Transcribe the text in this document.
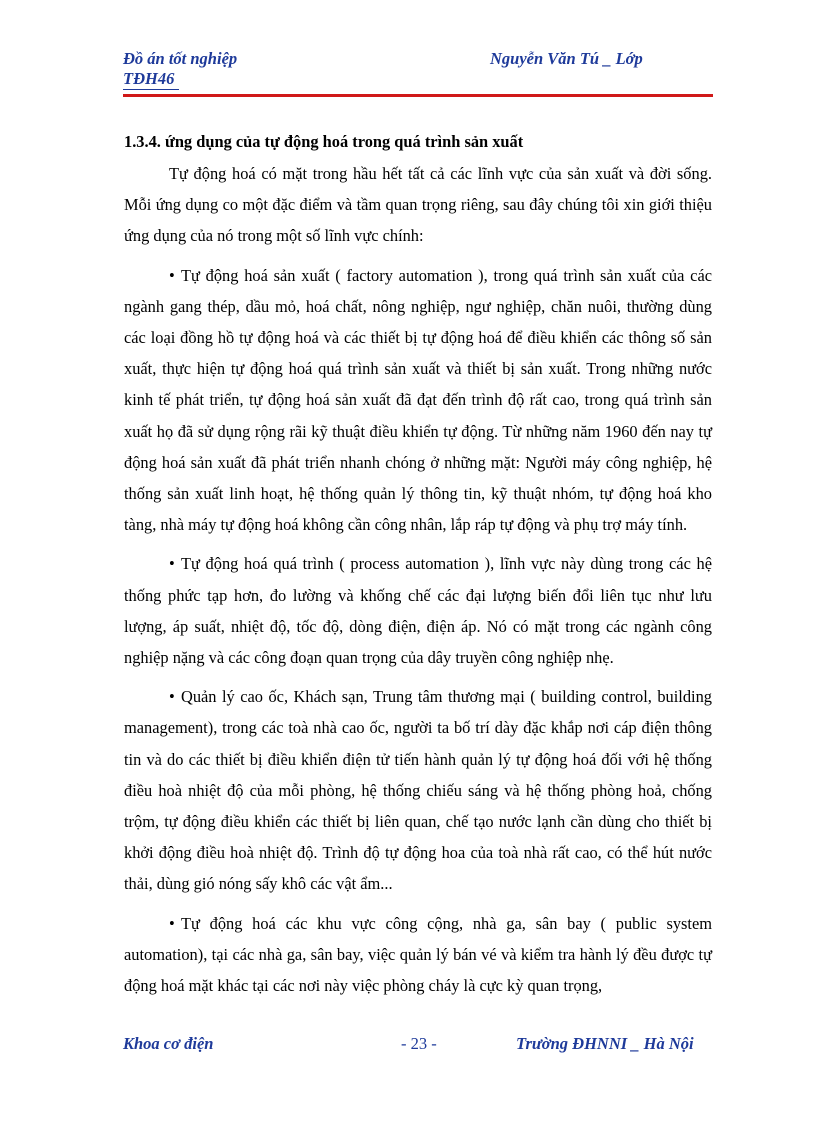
Đồ án tốt nghiệp
TĐH46
Nguyễn Văn Tú _ Lớp
1.3.4. ứng dụng của tự động hoá trong quá trình sản xuất

Tự động hoá có mặt trong hầu hết tất cả các lĩnh vực của sản xuất và đời sống. Mỗi ứng dụng co một đặc điểm và tầm quan trọng riêng, sau đây chúng tôi xin giới thiệu ứng dụng của nó trong một số lĩnh vực chính:

• Tự động hoá sản xuất ( factory automation ), trong quá trình sản xuất của các ngành gang thép, dầu mỏ, hoá chất, nông nghiệp, ngư nghiệp, chăn nuôi, thường dùng các loại đồng hồ tự động hoá và các thiết bị tự động hoá để điều khiển các thông số sản xuất, thực hiện tự động hoá quá trình sản xuất và thiết bị sản xuất. Trong những nước kinh tế phát triển, tự động hoá sản xuất đã đạt đến trình độ rất cao, trong quá trình sản xuất họ đã sử dụng rộng rãi kỹ thuật điều khiển tự động. Từ những năm 1960 đến nay tự động hoá sản xuất đã phát triển nhanh chóng ở những mặt: Người máy công nghiệp, hệ thống sản xuất linh hoạt, hệ thống quản lý thông tin, kỹ thuật nhóm, tự động hoá kho tàng, nhà máy tự động hoá không cần công nhân, lắp ráp tự động và phụ trợ máy tính.

• Tự động hoá quá trình ( process automation ), lĩnh vực này dùng trong các hệ thống phức tạp hơn, đo lường và khống chế các đại lượng biến đổi liên tục như lưu lượng, áp suất, nhiệt độ, tốc độ, dòng điện, điện áp. Nó có mặt trong các ngành công nghiệp nặng và các công đoạn quan trọng của dây truyền công nghiệp nhẹ.

• Quản lý cao ốc, Khách sạn, Trung tâm thương mại ( building control, building management), trong các toà nhà cao ốc, người ta bố trí dày đặc khắp nơi cáp điện thông tin và do các thiết bị điều khiển điện tử tiến hành quản lý tự động hoá đối với hệ thống điều hoà nhiệt độ của mỗi phòng, hệ thống chiếu sáng và hệ thống phòng hoả, chống trộm, tự động điều khiển các thiết bị liên quan, chế tạo nước lạnh cần dùng cho thiết bị khởi động điều hoà nhiệt độ. Trình độ tự động hoa của toà nhà rất cao, có thể hút nước thải, dùng gió nóng sấy khô các vật ẩm...

• Tự động hoá các khu vực công cộng, nhà ga, sân bay ( public system automation), tại các nhà ga, sân bay, việc quản lý bán vé và kiểm tra hành lý đều được tự động hoá mặt khác tại các nơi này việc phòng cháy là cực kỳ quan trọng,

Khoa cơ điện	- 23 -	Trường ĐHNNI _ Hà Nội
